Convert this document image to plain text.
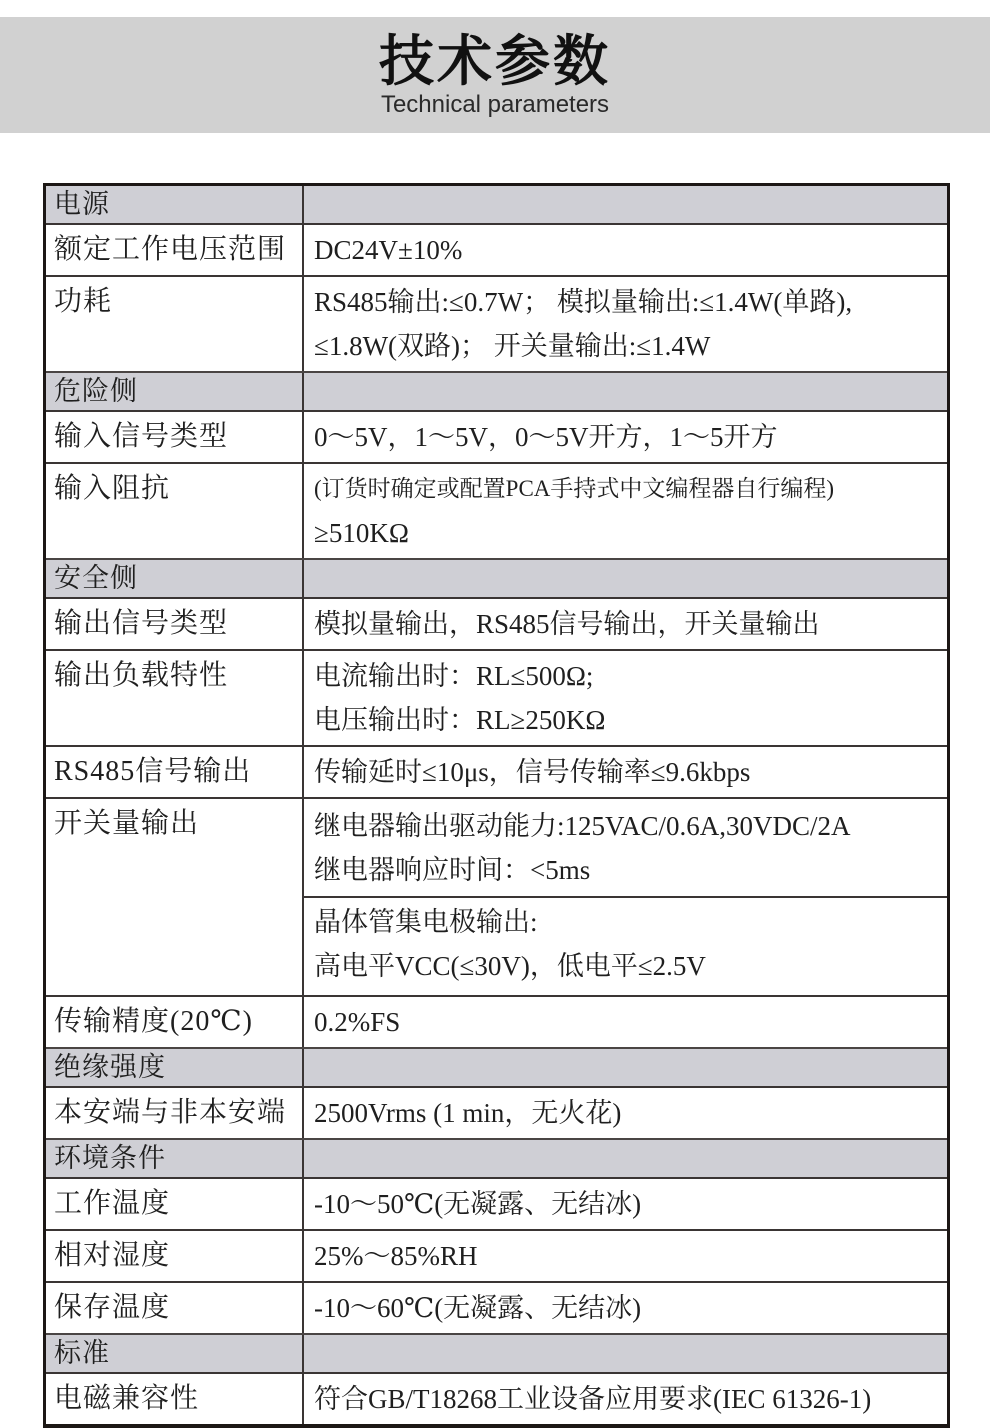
技术参数
Technical parameters
电源
额定工作电压范围	DC24V±10%
功耗	RS485输出:≤0.7W； 模拟量输出:≤1.4W(单路),
≤1.8W(双路)； 开关量输出:≤1.4W
危险侧
输入信号类型	0～5V，1～5V，0～5V开方，1～5开方
输入阻抗	(订货时确定或配置PCA手持式中文编程器自行编程)
≥510KΩ
安全侧
输出信号类型	模拟量输出，RS485信号输出，开关量输出
输出负载特性	电流输出时：RL≤500Ω;
电压输出时：RL≥250KΩ
RS485信号输出	传输延时≤10μs，信号传输率≤9.6kbps
开关量输出	继电器输出驱动能力:125VAC/0.6A,30VDC/2A
继电器响应时间：<5ms
晶体管集电极输出:
高电平VCC(≤30V)，低电平≤2.5V
传输精度(20℃)	0.2%FS
绝缘强度
本安端与非本安端	2500Vrms (1 min，无火花)
环境条件
工作温度	-10～50℃(无凝露、无结冰)
相对湿度	25%～85%RH
保存温度	-10～60℃(无凝露、无结冰)
标准
电磁兼容性	符合GB/T18268工业设备应用要求(IEC 61326-1)
